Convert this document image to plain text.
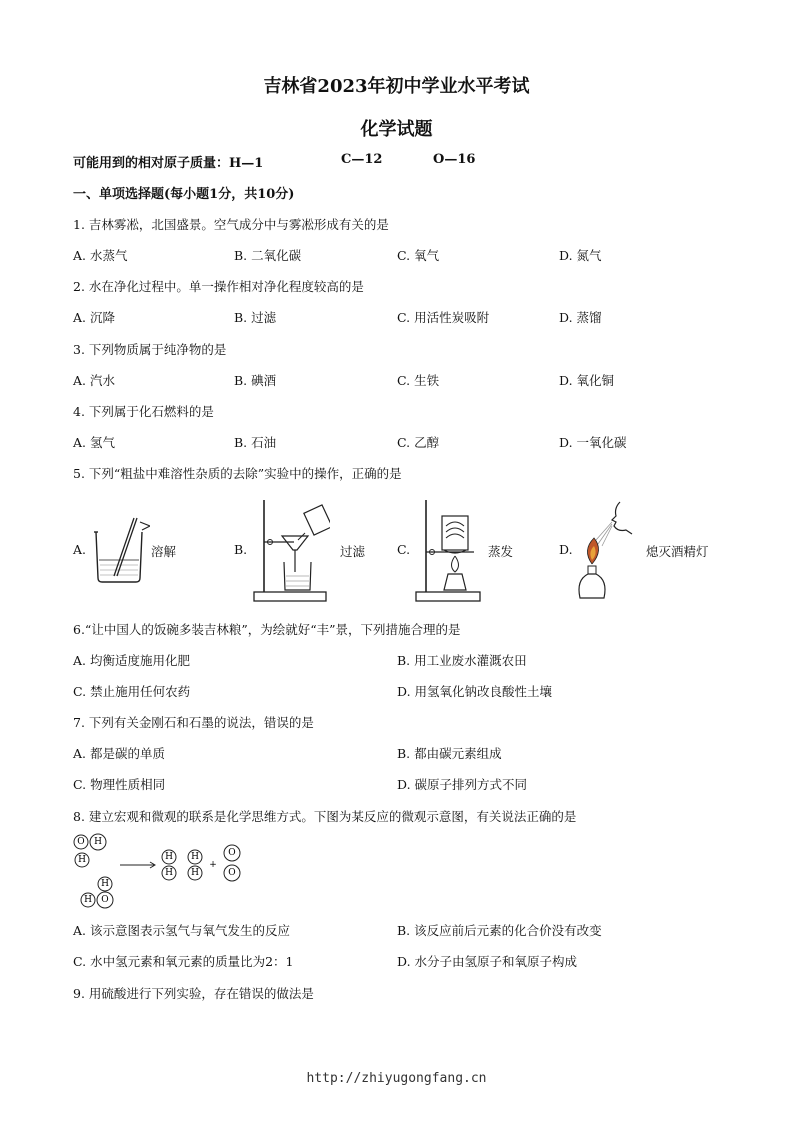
吉林省2023年初中学业水平考试
化学试题
可能用到的相对原子质量：H—1	C—12	O—16
一、单项选择题(每小题1分，共10分)
1. 吉林雾凇，北国盛景。空气成分中与雾凇形成有关的是
A. 水蒸气	B. 二氧化碳	C. 氧气	D. 氮气
2. 水在净化过程中。单一操作相对净化程度较高的是
A. 沉降	B. 过滤	C. 用活性炭吸附	D. 蒸馏
3. 下列物质属于纯净物的是
A. 汽水	B. 碘酒	C. 生铁	D. 氧化铜
4. 下列属于化石燃料的是
A. 氢气	B. 石油	C. 乙醇	D. 一氧化碳
5. 下列“粗盐中难溶性杂质的去除”实验中的操作，正确的是
A.	溶解	B.	过滤	C.	蒸发	D.	熄灭酒精灯
6.“让中国人的饭碗多装吉林粮”，为绘就好“丰”景，下列措施合理的是
A. 均衡适度施用化肥	B. 用工业废水灌溉农田
C. 禁止施用任何农药	D. 用氢氧化钠改良酸性土壤
7. 下列有关金刚石和石墨的说法，错误的是
A. 都是碳的单质	B. 都由碳元素组成
C. 物理性质相同	D. 碳原子排列方式不同
8. 建立宏观和微观的联系是化学思维方式。下图为某反应的微观示意图，有关说法正确的是
O H
H
H
H O
H
H
H
H
+
O
O
A. 该示意图表示氢气与氧气发生的反应	B. 该反应前后元素的化合价没有改变
C. 水中氢元素和氧元素的质量比为2：1	D. 水分子由氢原子和氧原子构成
9. 用硫酸进行下列实验，存在错误的做法是
http://zhiyugongfang.cn
